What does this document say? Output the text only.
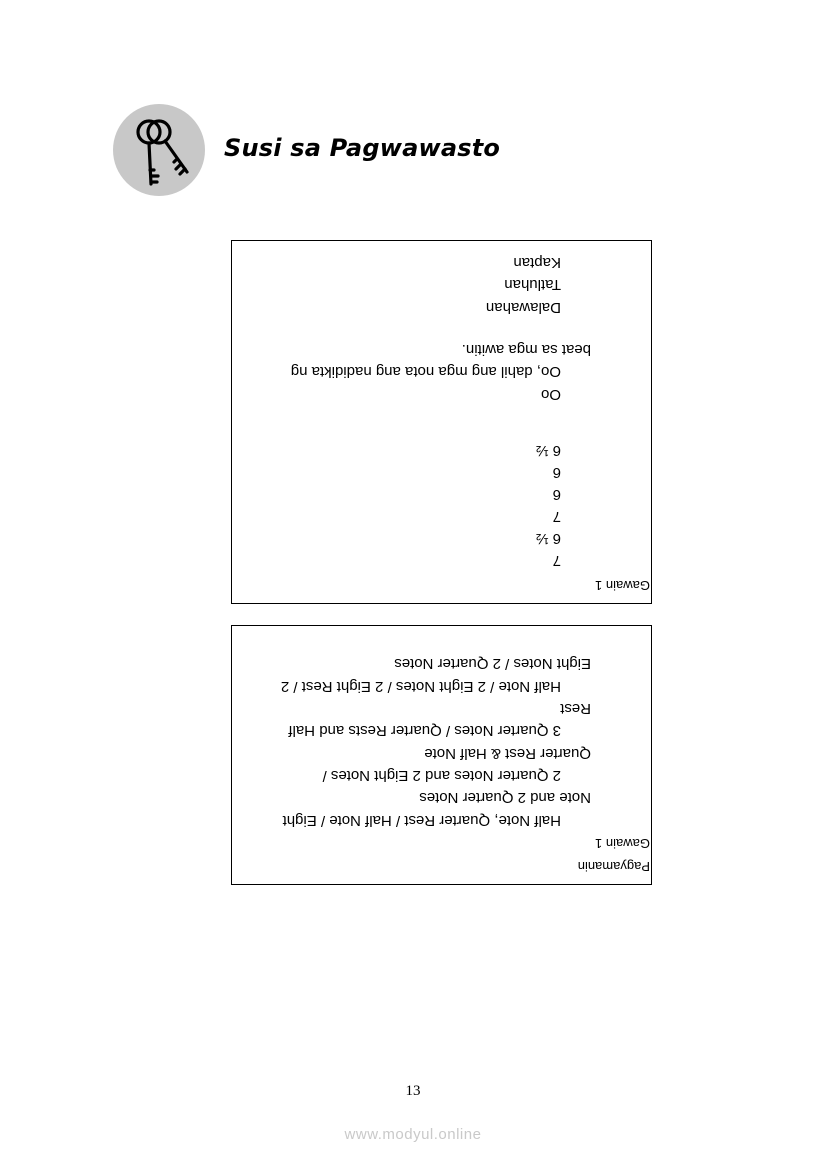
Susi sa Pagwawasto
Gawain 1
7
6 ½
7
6
6
6 ½
Oo
Oo, dahil ang mga nota ang nadidikta ng
beat sa mga awitin.
Dalawahan
Tatluhan
Kaptan
Pagyamanin
Gawain 1
Half Note, Quarter Rest / Half Note / Eight
Note and 2 Quarter Notes
2 Quarter Notes and 2 Eight Notes /
Quarter Rest & Half Note
3 Quarter Notes / Quarter Rests and Half
Rest
Half Note / 2 Eight Notes / 2 Eight Rest / 2
Eight Notes / 2 Quarter Notes
13
www.modyul.online
